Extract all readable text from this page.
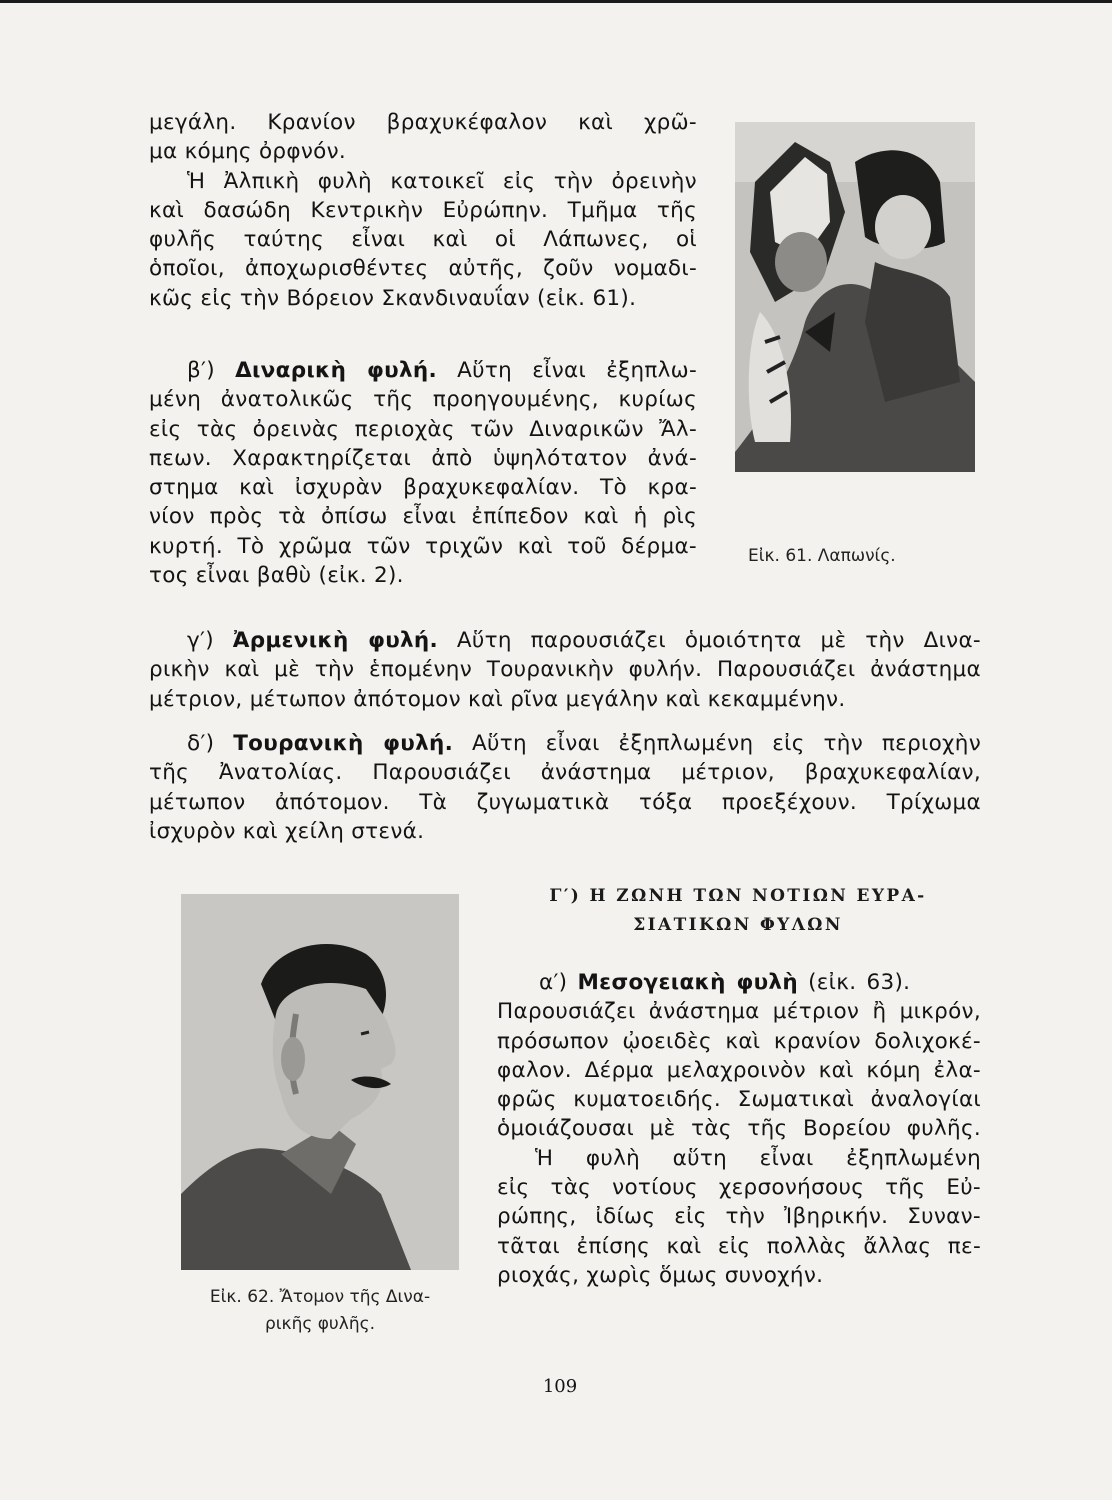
μεγάλη. Κρανίον βραχυκέφαλον καὶ χρῶ-
μα κόμης ὀρφνόν.
Ἡ Ἀλπικὴ φυλὴ κατοικεῖ εἰς τὴν ὀρεινὴν
καὶ δασώδη Κεντρικὴν Εὐρώπην. Τμῆμα τῆς
φυλῆς ταύτης εἶναι καὶ οἱ Λάπωνες, οἱ
ὁποῖοι, ἀποχωρισθέντες αὐτῆς, ζοῦν νομαδι-
κῶς εἰς τὴν Βόρειον Σκανδιναυΐαν (εἰκ. 61).
β′) Διναρικὴ φυλή. Αὕτη εἶναι ἐξηπλω-
μένη ἀνατολικῶς τῆς προηγουμένης, κυρίως
εἰς τὰς ὀρεινὰς περιοχὰς τῶν Διναρικῶν Ἄλ-
πεων. Χαρακτηρίζεται ἀπὸ ὑψηλότατον ἀνά-
στημα καὶ ἰσχυρὰν βραχυκεφαλίαν. Τὸ κρα-
νίον πρὸς τὰ ὀπίσω εἶναι ἐπίπεδον καὶ ἡ ρὶς
κυρτή. Τὸ χρῶμα τῶν τριχῶν καὶ τοῦ δέρμα-
τος εἶναι βαθὺ (εἰκ. 2).
Εἰκ. 61. Λαπωνίς.
γ′) Ἀρμενικὴ φυλή. Αὕτη παρουσιάζει ὁμοιότητα μὲ τὴν Δινα-
ρικὴν καὶ μὲ τὴν ἑπομένην Τουρανικὴν φυλήν. Παρουσιάζει ἀνάστημα
μέτριον, μέτωπον ἀπότομον καὶ ρῖνα μεγάλην καὶ κεκαμμένην.
δ′) Τουρανικὴ φυλή. Αὕτη εἶναι ἐξηπλωμένη εἰς τὴν περιοχὴν
τῆς Ἀνατολίας. Παρουσιάζει ἀνάστημα μέτριον, βραχυκεφαλίαν,
μέτωπον ἀπότομον. Τὰ ζυγωματικὰ τόξα προεξέχουν. Τρίχωμα
ἰσχυρὸν καὶ χείλη στενά.
Εἰκ. 62. Ἄτομον τῆς Δινα-
ρικῆς φυλῆς.
Γ′) Η ΖΩΝΗ ΤΩΝ ΝΟΤΙΩΝ ΕΥΡΑ-
ΣΙΑΤΙΚΩΝ ΦΥΛΩΝ
α′) Μεσογειακὴ φυλὴ (εἰκ. 63).
Παρουσιάζει ἀνάστημα μέτριον ἢ μικρόν,
πρόσωπον ᾠοειδὲς καὶ κρανίον δολιχοκέ-
φαλον. Δέρμα μελαχροινὸν καὶ κόμη ἐλα-
φρῶς κυματοειδής. Σωματικαὶ ἀναλογίαι
ὁμοιάζουσαι μὲ τὰς τῆς Βορείου φυλῆς.
Ἡ φυλὴ αὕτη εἶναι ἐξηπλωμένη
εἰς τὰς νοτίους χερσονήσους τῆς Εὐ-
ρώπης, ἰδίως εἰς τὴν Ἰβηρικήν. Συναν-
τᾶται ἐπίσης καὶ εἰς πολλὰς ἄλλας πε-
ριοχάς, χωρὶς ὅμως συνοχήν.
109
